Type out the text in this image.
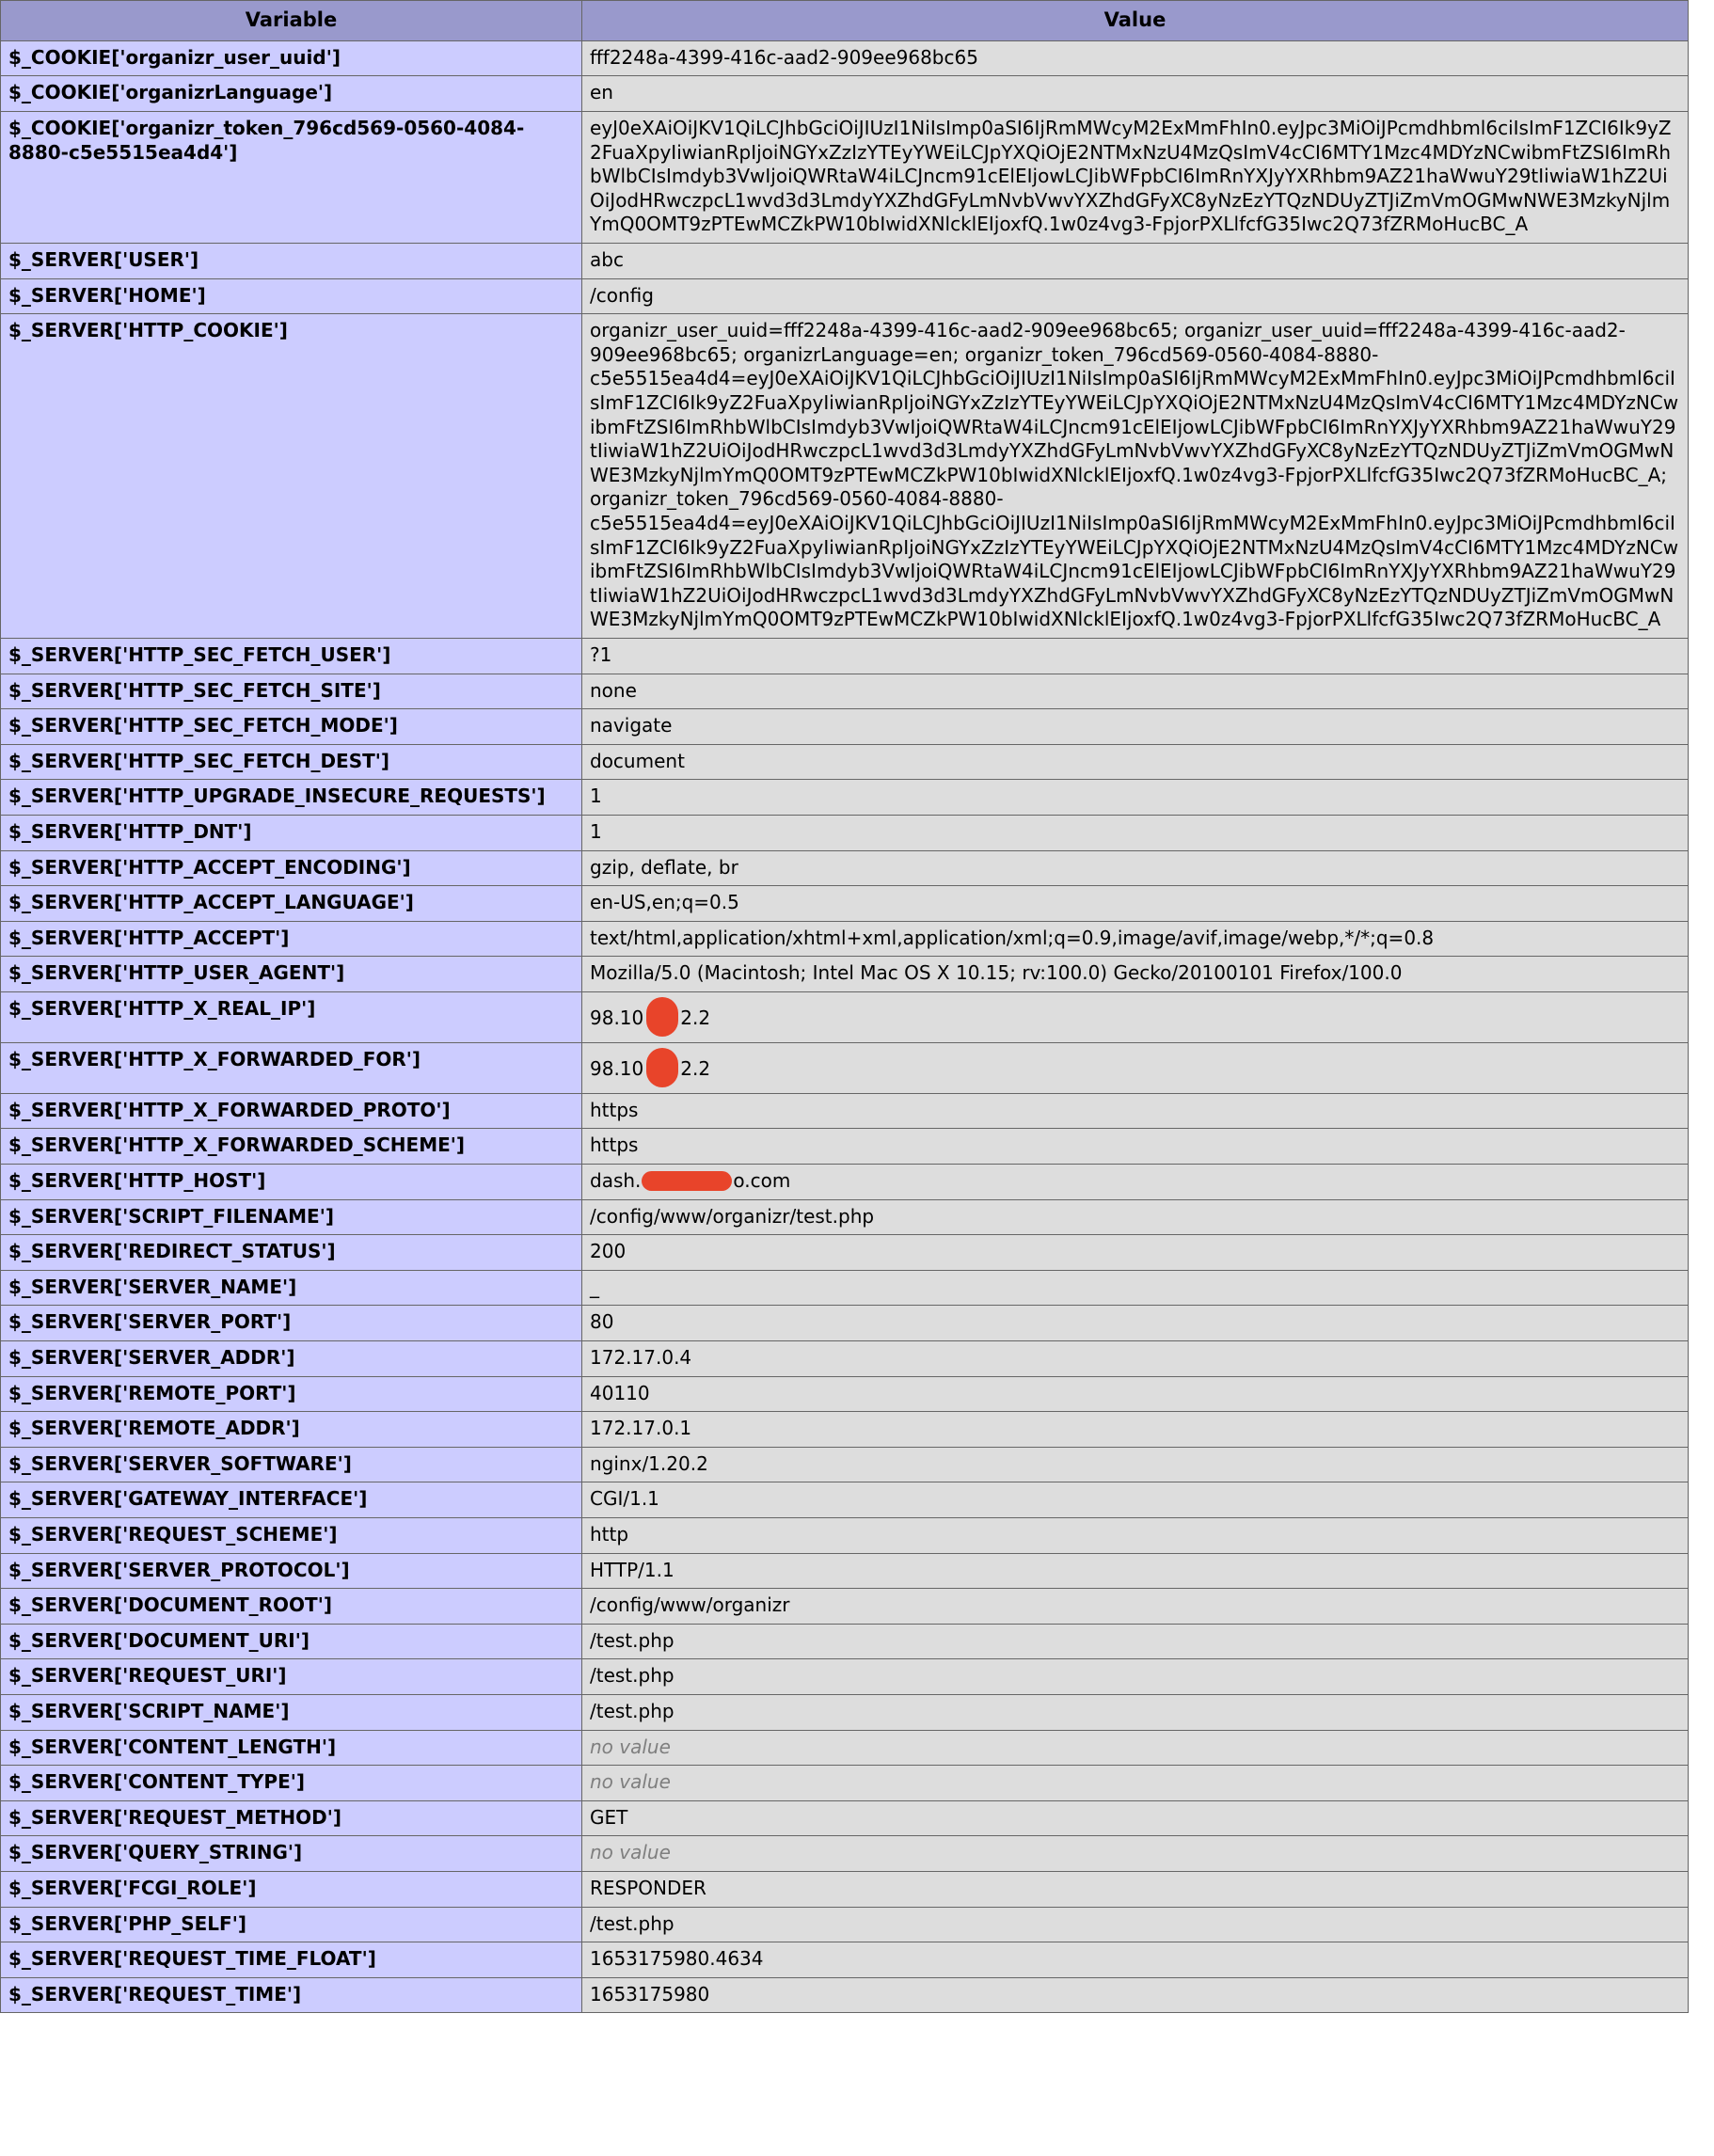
Variable	Value
$_COOKIE['organizr_user_uuid']	fff2248a-4399-416c-aad2-909ee968bc65
$_COOKIE['organizrLanguage']	en
$_COOKIE['organizr_token_796cd569-0560-4084-8880-c5e5515ea4d4']	eyJ0eXAiOiJKV1QiLCJhbGciOiJIUzI1NiIsImp0aSI6IjRmMWcyM2ExMmFhIn0.eyJpc3MiOiJPcmdhbml6ciIsImF1ZCI6Ik9yZ2FuaXpyIiwianRpIjoiNGYxZzIzYTEyYWEiLCJpYXQiOjE2NTMxNzU4MzQsImV4cCI6MTY1Mzc4MDYzNCwibmFtZSI6ImRhbWlbCIsImdyb3VwIjoiQWRtaW4iLCJncm91cElEIjowLCJibWFpbCI6ImRnYXJyYXRhbm9AZ21haWwuY29tIiwiaW1hZ2UiOiJodHRwczpcL1wvd3d3LmdyYXZhdGFyLmNvbVwvYXZhdGFyXC8yNzEzYTQzNDUyZTJiZmVmOGMwNWE3MzkyNjlmYmQ0OMT9zPTEwMCZkPW10bIwidXNlcklEIjoxfQ.1w0z4vg3-FpjorPXLlfcfG35Iwc2Q73fZRMoHucBC_A
$_SERVER['USER']	abc
$_SERVER['HOME']	/config
$_SERVER['HTTP_COOKIE']	organizr_user_uuid=fff2248a-4399-416c-aad2-909ee968bc65; organizr_user_uuid=fff2248a-4399-416c-aad2-909ee968bc65; organizrLanguage=en; organizr_token_796cd569-0560-4084-8880-c5e5515ea4d4=eyJ0eXAiOiJKV1QiLCJhbGciOiJIUzI1NiIsImp0aSI6IjRmMWcyM2ExMmFhIn0.eyJpc3MiOiJPcmdhbml6ciIsImF1ZCI6Ik9yZ2FuaXpyIiwianRpIjoiNGYxZzIzYTEyYWEiLCJpYXQiOjE2NTMxNzU4MzQsImV4cCI6MTY1Mzc4MDYzNCwibmFtZSI6ImRhbWlbCIsImdyb3VwIjoiQWRtaW4iLCJncm91cElEIjowLCJibWFpbCI6ImRnYXJyYXRhbm9AZ21haWwuY29tIiwiaW1hZ2UiOiJodHRwczpcL1wvd3d3LmdyYXZhdGFyLmNvbVwvYXZhdGFyXC8yNzEzYTQzNDUyZTJiZmVmOGMwNWE3MzkyNjlmYmQ0OMT9zPTEwMCZkPW10bIwidXNlcklEIjoxfQ.1w0z4vg3-FpjorPXLlfcfG35Iwc2Q73fZRMoHucBC_A; organizr_token_796cd569-0560-4084-8880-c5e5515ea4d4=eyJ0eXAiOiJKV1QiLCJhbGciOiJIUzI1NiIsImp0aSI6IjRmMWcyM2ExMmFhIn0.eyJpc3MiOiJPcmdhbml6ciIsImF1ZCI6Ik9yZ2FuaXpyIiwianRpIjoiNGYxZzIzYTEyYWEiLCJpYXQiOjE2NTMxNzU4MzQsImV4cCI6MTY1Mzc4MDYzNCwibmFtZSI6ImRhbWlbCIsImdyb3VwIjoiQWRtaW4iLCJncm91cElEIjowLCJibWFpbCI6ImRnYXJyYXRhbm9AZ21haWwuY29tIiwiaW1hZ2UiOiJodHRwczpcL1wvd3d3LmdyYXZhdGFyLmNvbVwvYXZhdGFyXC8yNzEzYTQzNDUyZTJiZmVmOGMwNWE3MzkyNjlmYmQ0OMT9zPTEwMCZkPW10bIwidXNlcklEIjoxfQ.1w0z4vg3-FpjorPXLlfcfG35Iwc2Q73fZRMoHucBC_A
$_SERVER['HTTP_SEC_FETCH_USER']	?1
$_SERVER['HTTP_SEC_FETCH_SITE']	none
$_SERVER['HTTP_SEC_FETCH_MODE']	navigate
$_SERVER['HTTP_SEC_FETCH_DEST']	document
$_SERVER['HTTP_UPGRADE_INSECURE_REQUESTS']	1
$_SERVER['HTTP_DNT']	1
$_SERVER['HTTP_ACCEPT_ENCODING']	gzip, deflate, br
$_SERVER['HTTP_ACCEPT_LANGUAGE']	en-US,en;q=0.5
$_SERVER['HTTP_ACCEPT']	text/html,application/xhtml+xml,application/xml;q=0.9,image/avif,image/webp,*/*;q=0.8
$_SERVER['HTTP_USER_AGENT']	Mozilla/5.0 (Macintosh; Intel Mac OS X 10.15; rv:100.0) Gecko/20100101 Firefox/100.0
$_SERVER['HTTP_X_REAL_IP']	98.10 2.2
$_SERVER['HTTP_X_FORWARDED_FOR']	98.10 2.2
$_SERVER['HTTP_X_FORWARDED_PROTO']	https
$_SERVER['HTTP_X_FORWARDED_SCHEME']	https
$_SERVER['HTTP_HOST']	dash. o.com
$_SERVER['SCRIPT_FILENAME']	/config/www/organizr/test.php
$_SERVER['REDIRECT_STATUS']	200
$_SERVER['SERVER_NAME']	_
$_SERVER['SERVER_PORT']	80
$_SERVER['SERVER_ADDR']	172.17.0.4
$_SERVER['REMOTE_PORT']	40110
$_SERVER['REMOTE_ADDR']	172.17.0.1
$_SERVER['SERVER_SOFTWARE']	nginx/1.20.2
$_SERVER['GATEWAY_INTERFACE']	CGI/1.1
$_SERVER['REQUEST_SCHEME']	http
$_SERVER['SERVER_PROTOCOL']	HTTP/1.1
$_SERVER['DOCUMENT_ROOT']	/config/www/organizr
$_SERVER['DOCUMENT_URI']	/test.php
$_SERVER['REQUEST_URI']	/test.php
$_SERVER['SCRIPT_NAME']	/test.php
$_SERVER['CONTENT_LENGTH']	no value
$_SERVER['CONTENT_TYPE']	no value
$_SERVER['REQUEST_METHOD']	GET
$_SERVER['QUERY_STRING']	no value
$_SERVER['FCGI_ROLE']	RESPONDER
$_SERVER['PHP_SELF']	/test.php
$_SERVER['REQUEST_TIME_FLOAT']	1653175980.4634
$_SERVER['REQUEST_TIME']	1653175980
